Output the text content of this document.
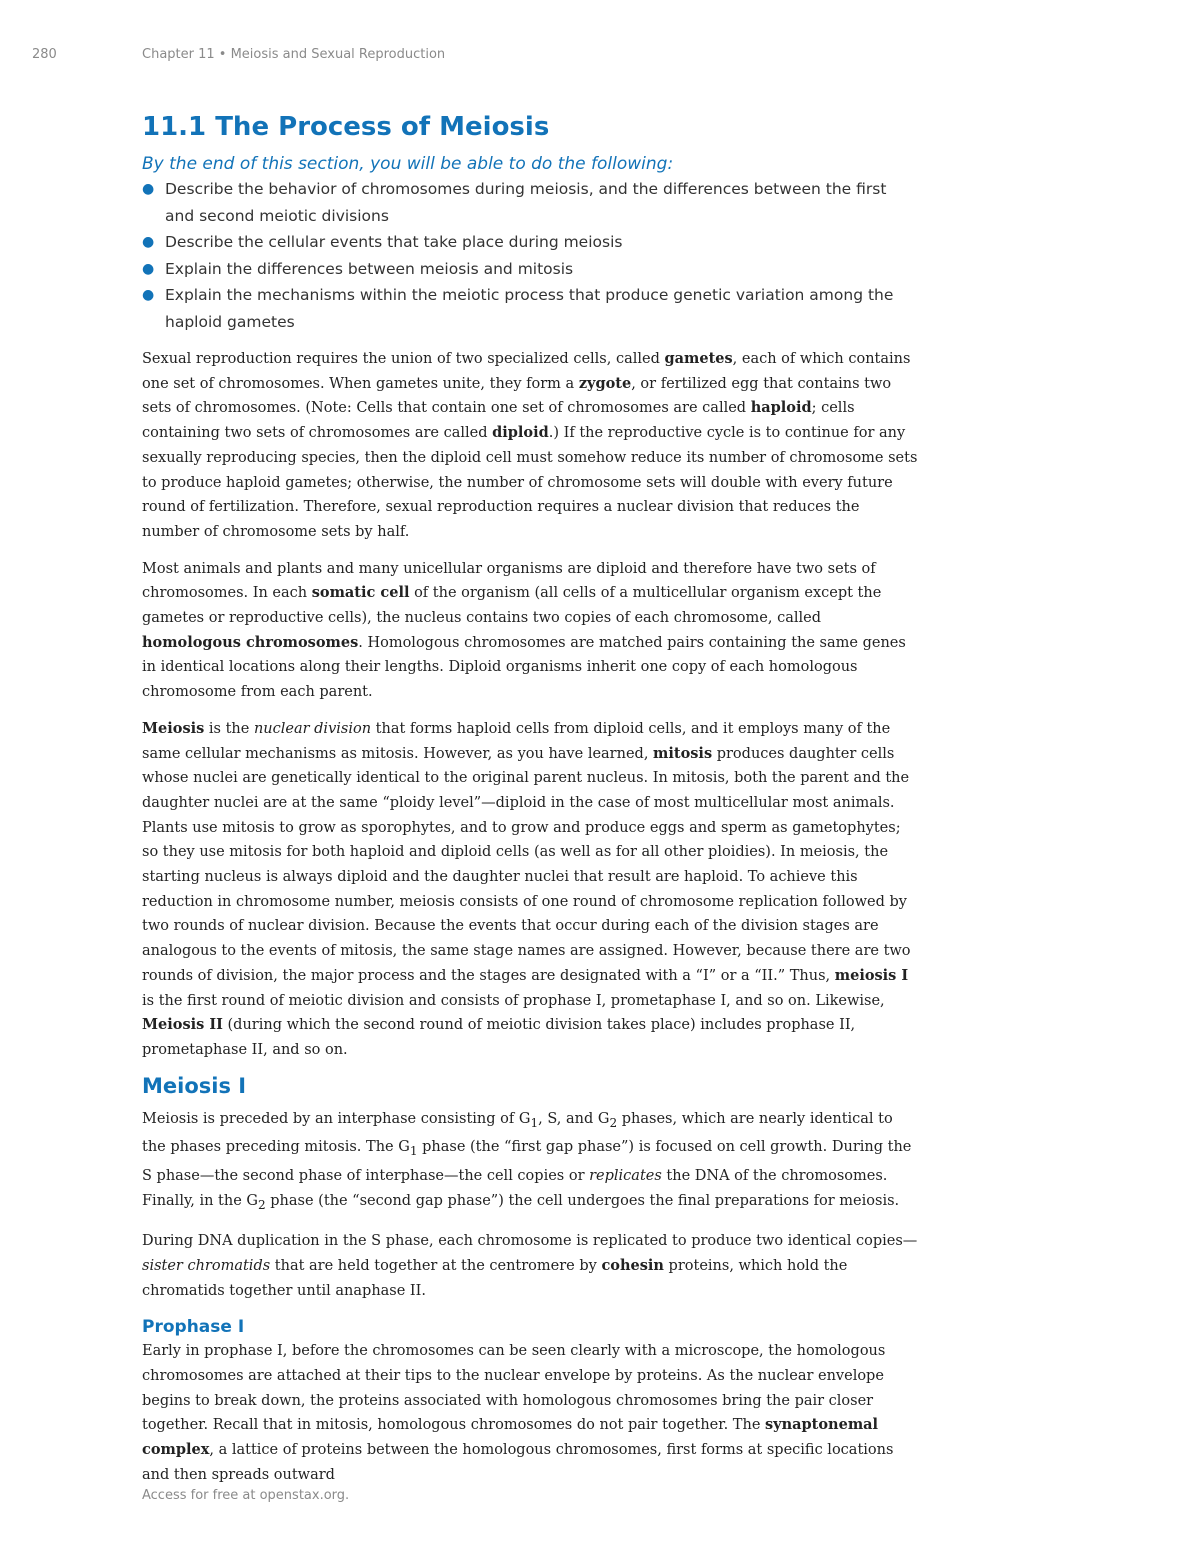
280	Chapter 11 • Meiosis and Sexual Reproduction
11.1 The Process of Meiosis
By the end of this section, you will be able to do the following:
● Describe the behavior of chromosomes during meiosis, and the differences between the first and second meiotic divisions
● Describe the cellular events that take place during meiosis
● Explain the differences between meiosis and mitosis
● Explain the mechanisms within the meiotic process that produce genetic variation among the haploid gametes

Sexual reproduction requires the union of two specialized cells, called gametes, each of which contains one set of chromosomes. When gametes unite, they form a zygote, or fertilized egg that contains two sets of chromosomes. (Note: Cells that contain one set of chromosomes are called haploid; cells containing two sets of chromosomes are called diploid.) If the reproductive cycle is to continue for any sexually reproducing species, then the diploid cell must somehow reduce its number of chromosome sets to produce haploid gametes; otherwise, the number of chromosome sets will double with every future round of fertilization. Therefore, sexual reproduction requires a nuclear division that reduces the number of chromosome sets by half.

Most animals and plants and many unicellular organisms are diploid and therefore have two sets of chromosomes. In each somatic cell of the organism (all cells of a multicellular organism except the gametes or reproductive cells), the nucleus contains two copies of each chromosome, called homologous chromosomes. Homologous chromosomes are matched pairs containing the same genes in identical locations along their lengths. Diploid organisms inherit one copy of each homologous chromosome from each parent.

Meiosis is the nuclear division that forms haploid cells from diploid cells, and it employs many of the same cellular mechanisms as mitosis. However, as you have learned, mitosis produces daughter cells whose nuclei are genetically identical to the original parent nucleus. In mitosis, both the parent and the daughter nuclei are at the same “ploidy level”—diploid in the case of most multicellular most animals. Plants use mitosis to grow as sporophytes, and to grow and produce eggs and sperm as gametophytes; so they use mitosis for both haploid and diploid cells (as well as for all other ploidies). In meiosis, the starting nucleus is always diploid and the daughter nuclei that result are haploid. To achieve this reduction in chromosome number, meiosis consists of one round of chromosome replication followed by two rounds of nuclear division. Because the events that occur during each of the division stages are analogous to the events of mitosis, the same stage names are assigned. However, because there are two rounds of division, the major process and the stages are designated with a “I” or a “II.” Thus, meiosis I is the first round of meiotic division and consists of prophase I, prometaphase I, and so on. Likewise, Meiosis II (during which the second round of meiotic division takes place) includes prophase II, prometaphase II, and so on.

Meiosis I

Meiosis is preceded by an interphase consisting of $G_1$, S, and $G_2$ phases, which are nearly identical to the phases preceding mitosis. The $G_1$ phase (the “first gap phase”) is focused on cell growth. During the S phase—the second phase of interphase—the cell copies or replicates the DNA of the chromosomes. Finally, in the $G_2$ phase (the “second gap phase”) the cell undergoes the final preparations for meiosis.

During DNA duplication in the S phase, each chromosome is replicated to produce two identical copies—sister chromatids that are held together at the centromere by cohesin proteins, which hold the chromatids together until anaphase II.

Prophase I

Early in prophase I, before the chromosomes can be seen clearly with a microscope, the homologous chromosomes are attached at their tips to the nuclear envelope by proteins. As the nuclear envelope begins to break down, the proteins associated with homologous chromosomes bring the pair closer together. Recall that in mitosis, homologous chromosomes do not pair together. The synaptonemal complex, a lattice of proteins between the homologous chromosomes, first forms at specific locations and then spreads outward

Access for free at openstax.org.
